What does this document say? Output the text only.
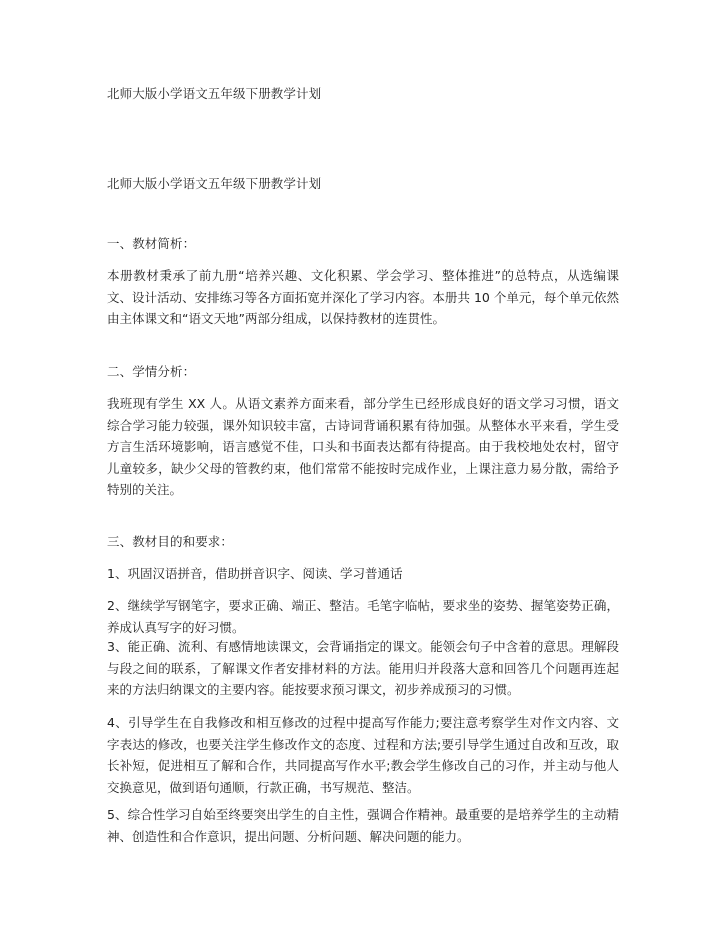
北师大版小学语文五年级下册教学计划
北师大版小学语文五年级下册教学计划
一、教材简析：
本册教材秉承了前九册“培养兴趣、文化积累、学会学习、整体推进”的总特点，从选编课文、设计活动、安排练习等各方面拓宽并深化了学习内容。本册共 10 个单元，每个单元依然由主体课文和“语文天地”两部分组成，以保持教材的连贯性。
二、学情分析：
我班现有学生 XX 人。从语文素养方面来看，部分学生已经形成良好的语文学习习惯，语文综合学习能力较强，课外知识较丰富，古诗词背诵积累有待加强。从整体水平来看，学生受方言生活环境影响，语言感觉不佳，口头和书面表达都有待提高。由于我校地处农村，留守儿童较多，缺少父母的管教约束，他们常常不能按时完成作业，上课注意力易分散，需给予特别的关注。
三、教材目的和要求：
1、巩固汉语拼音，借助拼音识字、阅读、学习普通话
2、继续学写钢笔字，要求正确、端正、整洁。毛笔字临帖，要求坐的姿势、握笔姿势正确，养成认真写字的好习惯。
3、能正确、流利、有感情地读课文，会背诵指定的课文。能领会句子中含着的意思。理解段与段之间的联系，了解课文作者安排材料的方法。能用归并段落大意和回答几个问题再连起来的方法归纳课文的主要内容。能按要求预习课文，初步养成预习的习惯。
4、引导学生在自我修改和相互修改的过程中提高写作能力;要注意考察学生对作文内容、文字表达的修改，也要关注学生修改作文的态度、过程和方法;要引导学生通过自改和互改，取长补短，促进相互了解和合作，共同提高写作水平;教会学生修改自己的习作，并主动与他人交换意见，做到语句通顺，行款正确，书写规范、整洁。
5、综合性学习自始至终要突出学生的自主性，强调合作精神。最重要的是培养学生的主动精神、创造性和合作意识，提出问题、分析问题、解决问题的能力。
